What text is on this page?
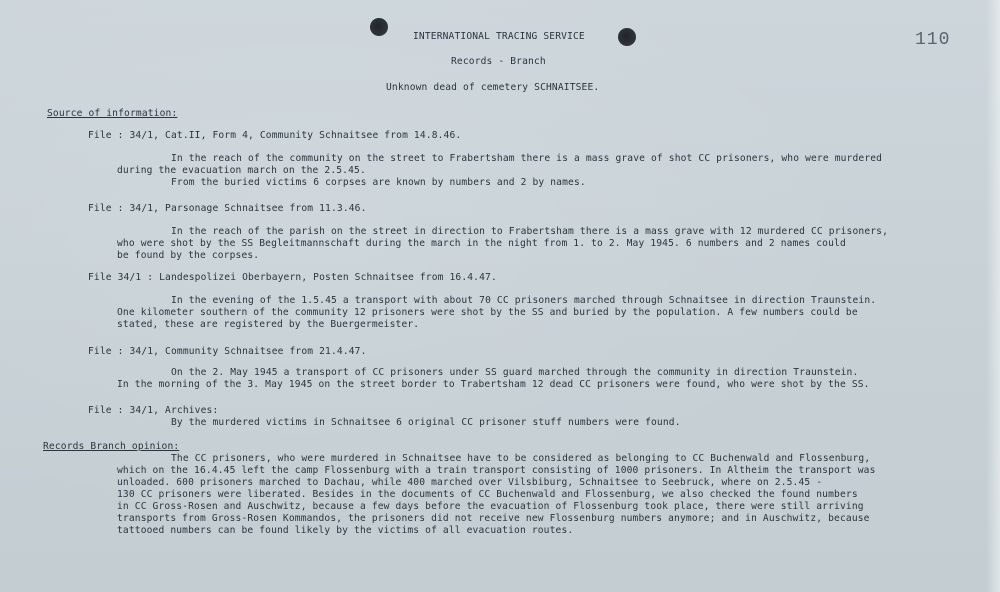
INTERNATIONAL TRACING SERVICE
Records - Branch
Unknown dead of cemetery SCHNAITSEE.
110
Source of information:
File : 34/1, Cat.II, Form 4, Community Schnaitsee from 14.8.46.
In the reach of the community on the street to Frabertsham there is a mass grave of shot CC prisoners, who were murdered
during the evacuation march on the 2.5.45.
From the buried victims 6 corpses are known by numbers and 2 by names.
File : 34/1, Parsonage Schnaitsee from 11.3.46.
In the reach of the parish on the street in direction to Frabertsham there is a mass grave with 12 murdered CC prisoners,
who were shot by the SS Begleitmannschaft during the march in the night from 1. to 2. May 1945. 6 numbers and 2 names could
be found by the corpses.
File 34/1 : Landespolizei Oberbayern, Posten Schnaitsee from 16.4.47.
In the evening of the 1.5.45 a transport with about 70 CC prisoners marched through Schnaitsee in direction Traunstein.
One kilometer southern of the community 12 prisoners were shot by the SS and buried by the population. A few numbers could be
stated, these are registered by the Buergermeister.
File : 34/1, Community Schnaitsee from 21.4.47.
On the 2. May 1945 a transport of CC prisoners under SS guard marched through the community in direction Traunstein.
In the morning of the 3. May 1945 on the street border to Trabertsham 12 dead CC prisoners were found, who were shot by the SS.
File : 34/1, Archives:
By the murdered victims in Schnaitsee 6 original CC prisoner stuff numbers were found.
Records Branch opinion:
The CC prisoners, who were murdered in Schnaitsee have to be considered as belonging to CC Buchenwald and Flossenburg,
which on the 16.4.45 left the camp Flossenburg with a train transport consisting of 1000 prisoners. In Altheim the transport was
unloaded. 600 prisoners marched to Dachau, while 400 marched over Vilsbiburg, Schnaitsee to Seebruck, where on 2.5.45 -
130 CC prisoners were liberated. Besides in the documents of CC Buchenwald and Flossenburg, we also checked the found numbers
in CC Gross-Rosen and Auschwitz, because a few days before the evacuation of Flossenburg took place, there were still arriving
transports from Gross-Rosen Kommandos, the prisoners did not receive new Flossenburg numbers anymore; and in Auschwitz, because
tattooed numbers can be found likely by the victims of all evacuation routes.
